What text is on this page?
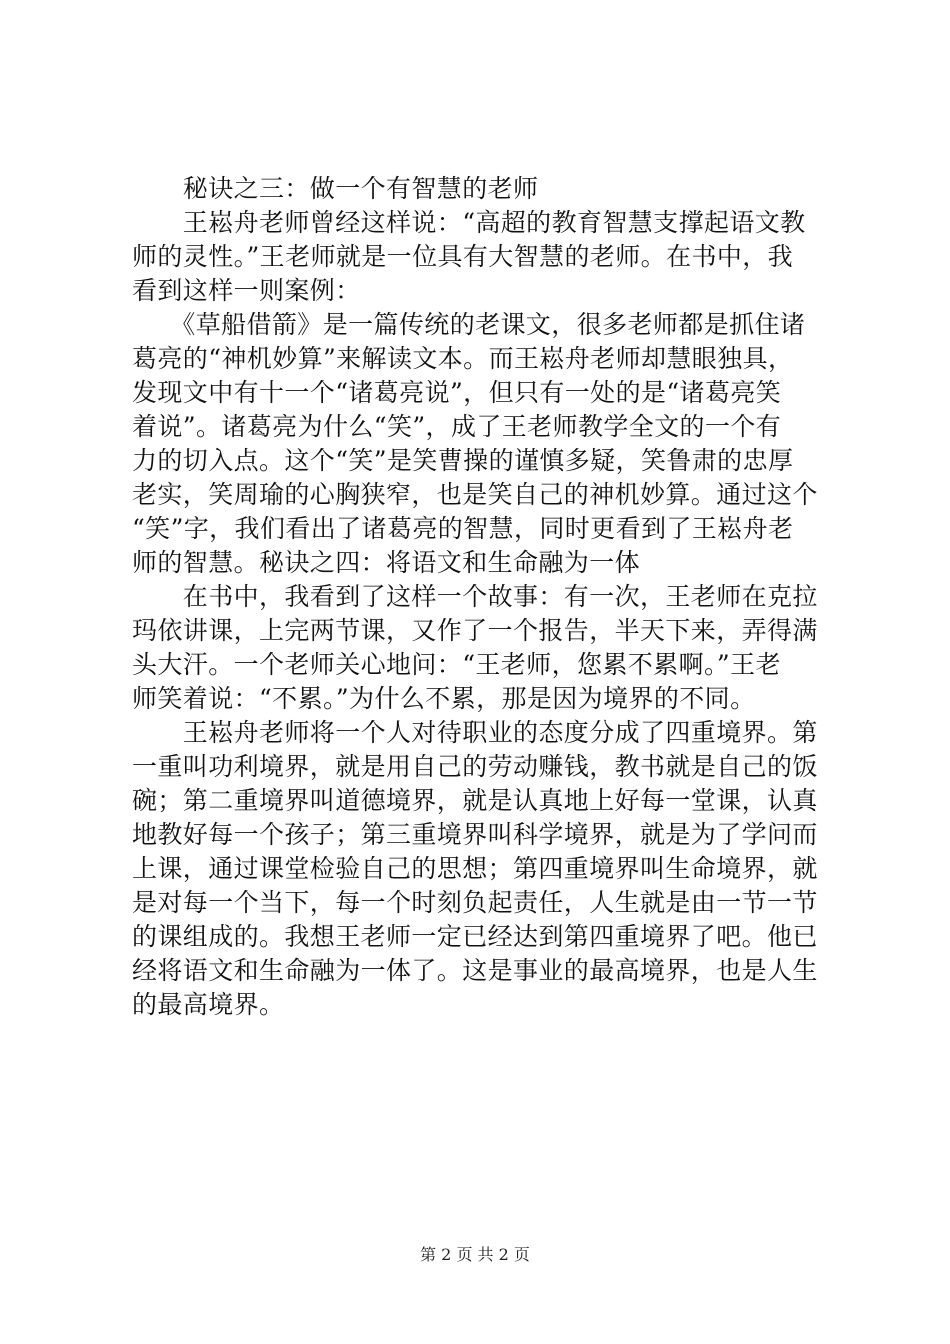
　　秘诀之三：做一个有智慧的老师
　　王崧舟老师曾经这样说：“高超的教育智慧支撑起语文教
师的灵性。”王老师就是一位具有大智慧的老师。在书中，我
看到这样一则案例：
　　《草船借箭》是一篇传统的老课文，很多老师都是抓住诸
葛亮的“神机妙算”来解读文本。而王崧舟老师却慧眼独具，
发现文中有十一个“诸葛亮说”，但只有一处的是“诸葛亮笑
着说”。诸葛亮为什么“笑”，成了王老师教学全文的一个有
力的切入点。这个“笑”是笑曹操的谨慎多疑，笑鲁肃的忠厚
老实，笑周瑜的心胸狭窄，也是笑自己的神机妙算。通过这个
“笑”字，我们看出了诸葛亮的智慧，同时更看到了王崧舟老
师的智慧。秘诀之四：将语文和生命融为一体
　　在书中，我看到了这样一个故事：有一次，王老师在克拉
玛依讲课，上完两节课，又作了一个报告，半天下来，弄得满
头大汗。一个老师关心地问：“王老师，您累不累啊。”王老
师笑着说：“不累。”为什么不累，那是因为境界的不同。
　　王崧舟老师将一个人对待职业的态度分成了四重境界。第
一重叫功利境界，就是用自己的劳动赚钱，教书就是自己的饭
碗；第二重境界叫道德境界，就是认真地上好每一堂课，认真
地教好每一个孩子；第三重境界叫科学境界，就是为了学问而
上课，通过课堂检验自己的思想；第四重境界叫生命境界，就
是对每一个当下，每一个时刻负起责任，人生就是由一节一节
的课组成的。我想王老师一定已经达到第四重境界了吧。他已
经将语文和生命融为一体了。这是事业的最高境界，也是人生
的最高境界。
第 2 页 共 2 页
